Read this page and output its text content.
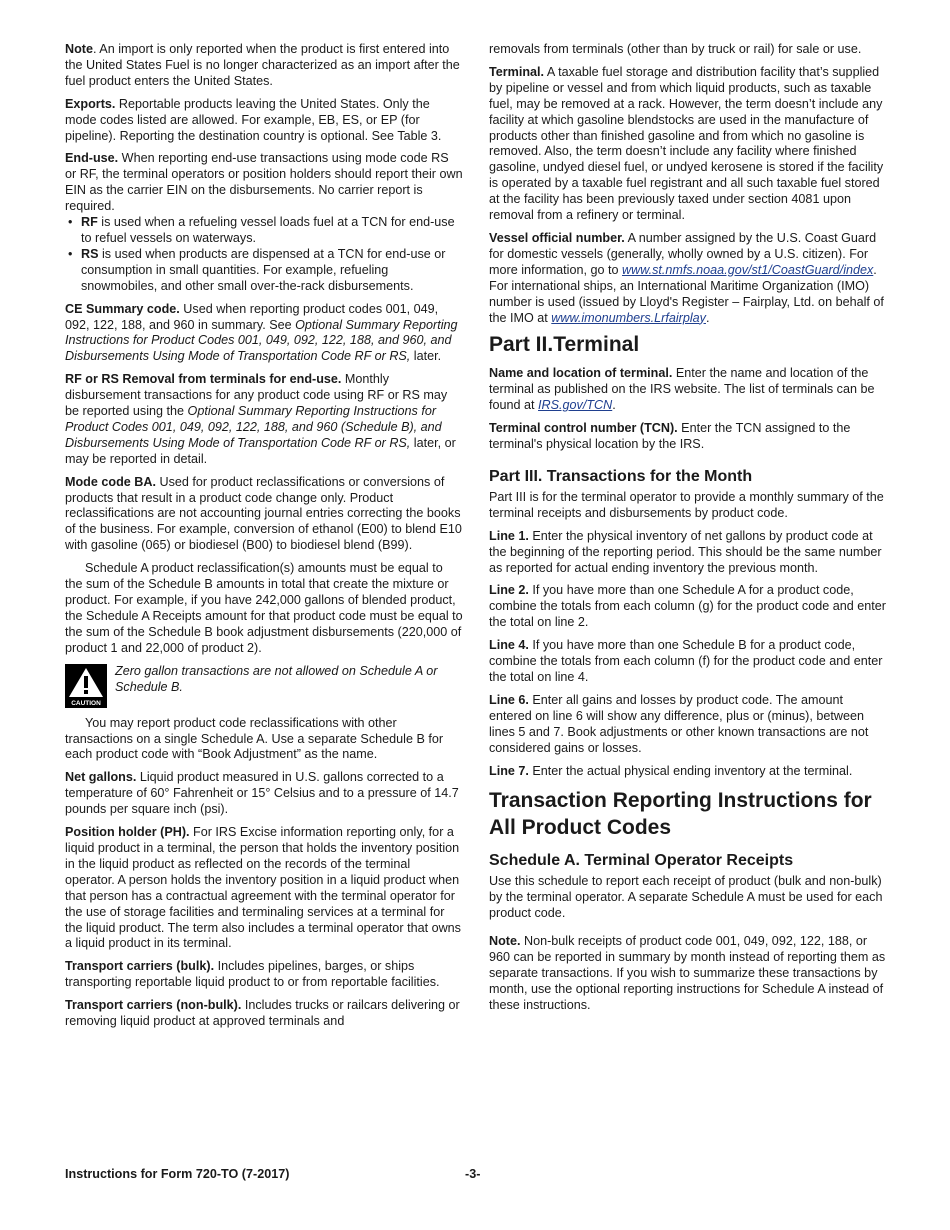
Note. An import is only reported when the product is first entered into the United States Fuel is no longer characterized as an import after the fuel product enters the United States.

Exports. Reportable products leaving the United States. Only the mode codes listed are allowed. For example, EB, ES, or EP (for pipeline). Reporting the destination country is optional. See Table 3.

End-use. When reporting end-use transactions using mode code RS or RF, the terminal operators or position holders should report their own EIN as the carrier EIN on the disbursements. No carrier report is required.

• RF is used when a refueling vessel loads fuel at a TCN for end-use to refuel vessels on waterways.
• RS is used when products are dispensed at a TCN for end-use or consumption in small quantities. For example, refueling snowmobiles, and other small over-the-rack disbursements.

CE Summary code. Used when reporting product codes 001, 049, 092, 122, 188, and 960 in summary. See Optional Summary Reporting Instructions for Product Codes 001, 049, 092, 122, 188, and 960, and Disbursements Using Mode of Transportation Code RF or RS, later.

RF or RS Removal from terminals for end-use. Monthly disbursement transactions for any product code using RF or RS may be reported using the Optional Summary Reporting Instructions for Product Codes 001, 049, 092, 122, 188, and 960 (Schedule B), and Disbursements Using Mode of Transportation Code RF or RS, later, or may be reported in detail.

Mode code BA. Used for product reclassifications or conversions of products that result in a product code change only. Product reclassifications are not accounting journal entries correcting the books of the business. For example, conversion of ethanol (E00) to blend E10 with gasoline (065) or biodiesel (B00) to biodiesel blend (B99).

Schedule A product reclassification(s) amounts must be equal to the sum of the Schedule B amounts in total that create the mixture or product. For example, if you have 242,000 gallons of blended product, the Schedule A Receipts amount for that product code must be equal to the sum of the Schedule B book adjustment disbursements (220,000 of product 1 and 22,000 of product 2).

CAUTION
Zero gallon transactions are not allowed on Schedule A or Schedule B.

You may report product code reclassifications with other transactions on a single Schedule A. Use a separate Schedule B for each product code with “Book Adjustment” as the name.

Net gallons. Liquid product measured in U.S. gallons corrected to a temperature of 60° Fahrenheit or 15° Celsius and to a pressure of 14.7 pounds per square inch (psi).

Position holder (PH). For IRS Excise information reporting only, for a liquid product in a terminal, the person that holds the inventory position in the liquid product as reflected on the records of the terminal operator. A person holds the inventory position in a liquid product when that person has a contractual agreement with the terminal operator for the use of storage facilities and terminaling services at a terminal for the liquid product. The term also includes a terminal operator that owns a liquid product in its terminal.

Transport carriers (bulk). Includes pipelines, barges, or ships transporting reportable liquid product to or from reportable facilities.

Transport carriers (non-bulk). Includes trucks or railcars delivering or removing liquid product at approved terminals and

removals from terminals (other than by truck or rail) for sale or use.

Terminal. A taxable fuel storage and distribution facility that’s supplied by pipeline or vessel and from which liquid products, such as taxable fuel, may be removed at a rack. However, the term doesn’t include any facility at which gasoline blendstocks are used in the manufacture of products other than finished gasoline and from which no gasoline is removed. Also, the term doesn’t include any facility where finished gasoline, undyed diesel fuel, or undyed kerosene is stored if the facility is operated by a taxable fuel registrant and all such taxable fuel stored at the facility has been previously taxed under section 4081 upon removal from a refinery or terminal.

Vessel official number. A number assigned by the U.S. Coast Guard for domestic vessels (generally, wholly owned by a U.S. citizen). For more information, go to www.st.nmfs.noaa.gov/st1/CoastGuard/index. For international ships, an International Maritime Organization (IMO) number is used (issued by Lloyd's Register – Fairplay, Ltd. on behalf of the IMO at www.imonumbers.Lrfairplay.

Part II.Terminal

Name and location of terminal. Enter the name and location of the terminal as published on the IRS website. The list of terminals can be found at IRS.gov/TCN.

Terminal control number (TCN). Enter the TCN assigned to the terminal's physical location by the IRS.

Part III. Transactions for the Month

Part III is for the terminal operator to provide a monthly summary of the terminal receipts and disbursements by product code.

Line 1. Enter the physical inventory of net gallons by product code at the beginning of the reporting period. This should be the same number as reported for actual ending inventory the previous month.

Line 2. If you have more than one Schedule A for a product code, combine the totals from each column (g) for the product code and enter the total on line 2.

Line 4. If you have more than one Schedule B for a product code, combine the totals from each column (f) for the product code and enter the total on line 4.

Line 6. Enter all gains and losses by product code. The amount entered on line 6 will show any difference, plus or (minus), between lines 5 and 7. Book adjustments or other known transactions are not considered gains or losses.

Line 7. Enter the actual physical ending inventory at the terminal.

Transaction Reporting Instructions for All Product Codes
Schedule A. Terminal Operator Receipts

Use this schedule to report each receipt of product (bulk and non-bulk) by the terminal operator. A separate Schedule A must be used for each product code.

Note. Non-bulk receipts of product code 001, 049, 092, 122, 188, or 960 can be reported in summary by month instead of reporting them as separate transactions. If you wish to summarize these transactions by month, use the optional reporting instructions for Schedule A instead of these instructions.

Instructions for Form 720-TO (7-2017)	-3-
